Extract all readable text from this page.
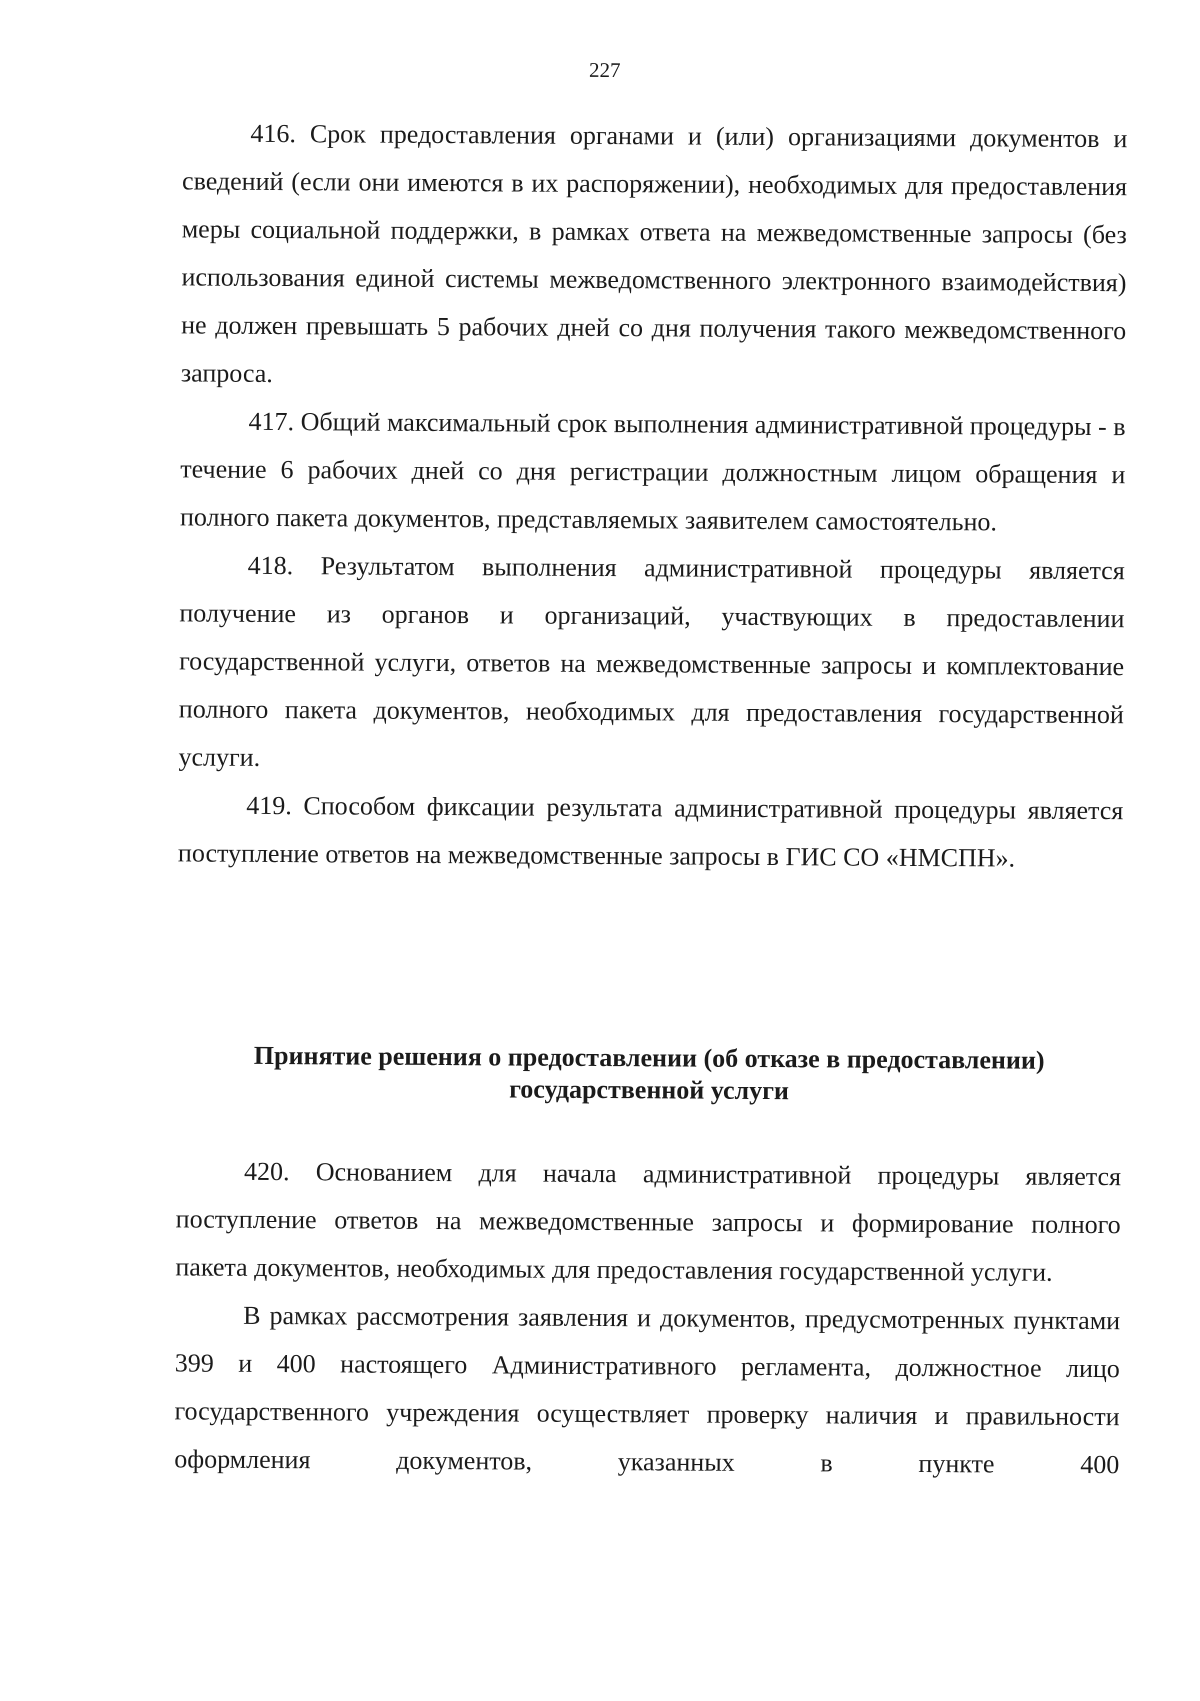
227

416. Срок предоставления органами и (или) организациями документов и сведений (если они имеются в их распоряжении), необходимых для предоставления меры социальной поддержки, в рамках ответа на межведомственные запросы (без использования единой системы межведомственного электронного взаимодействия) не должен превышать 5 рабочих дней со дня получения такого межведомственного запроса.

417. Общий максимальный срок выполнения административной процедуры - в течение 6 рабочих дней со дня регистрации должностным лицом обращения и полного пакета документов, представляемых заявителем самостоятельно.

418. Результатом выполнения административной процедуры является получение из органов и организаций, участвующих в предоставлении государственной услуги, ответов на межведомственные запросы и комплектование полного пакета документов, необходимых для предоставления государственной услуги.

419. Способом фиксации результата административной процедуры является поступление ответов на межведомственные запросы в ГИС СО «НМСПН».

Принятие решения о предоставлении (об отказе в предоставлении)
государственной услуги

420. Основанием для начала административной процедуры является поступление ответов на межведомственные запросы и формирование полного пакета документов, необходимых для предоставления государственной услуги.

В рамках рассмотрения заявления и документов, предусмотренных пунктами 399 и 400 настоящего Административного регламента, должностное лицо государственного учреждения осуществляет проверку наличия и правильности оформления документов, указанных в пункте 400
